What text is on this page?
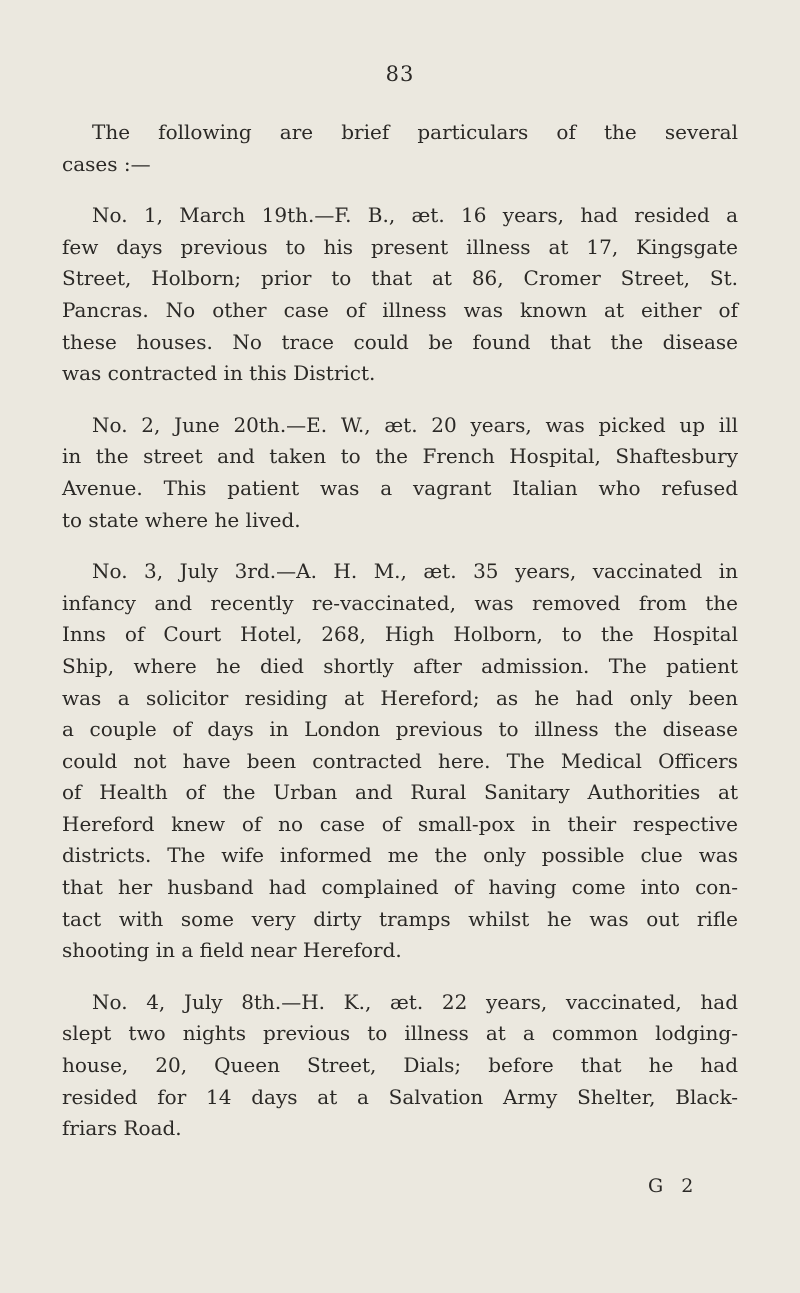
83
The following are brief particulars of the several
cases :—
No. 1, March 19th.—F. B., æt. 16 years, had resided a
few days previous to his present illness at 17, Kingsgate
Street, Holborn; prior to that at 86, Cromer Street, St.
Pancras. No other case of illness was known at either of
these houses. No trace could be found that the disease
was contracted in this District.
No. 2, June 20th.—E. W., æt. 20 years, was picked up ill
in the street and taken to the French Hospital, Shaftesbury
Avenue. This patient was a vagrant Italian who refused
to state where he lived.
No. 3, July 3rd.—A. H. M., æt. 35 years, vaccinated in
infancy and recently re-vaccinated, was removed from the
Inns of Court Hotel, 268, High Holborn, to the Hospital
Ship, where he died shortly after admission. The patient
was a solicitor residing at Hereford; as he had only been
a couple of days in London previous to illness the disease
could not have been contracted here. The Medical Officers
of Health of the Urban and Rural Sanitary Authorities at
Hereford knew of no case of small-pox in their respective
districts. The wife informed me the only possible clue was
that her husband had complained of having come into con-
tact with some very dirty tramps whilst he was out rifle
shooting in a field near Hereford.
No. 4, July 8th.—H. K., æt. 22 years, vaccinated, had
slept two nights previous to illness at a common lodging-
house, 20, Queen Street, Dials; before that he had
resided for 14 days at a Salvation Army Shelter, Black-
friars Road.
G 2
